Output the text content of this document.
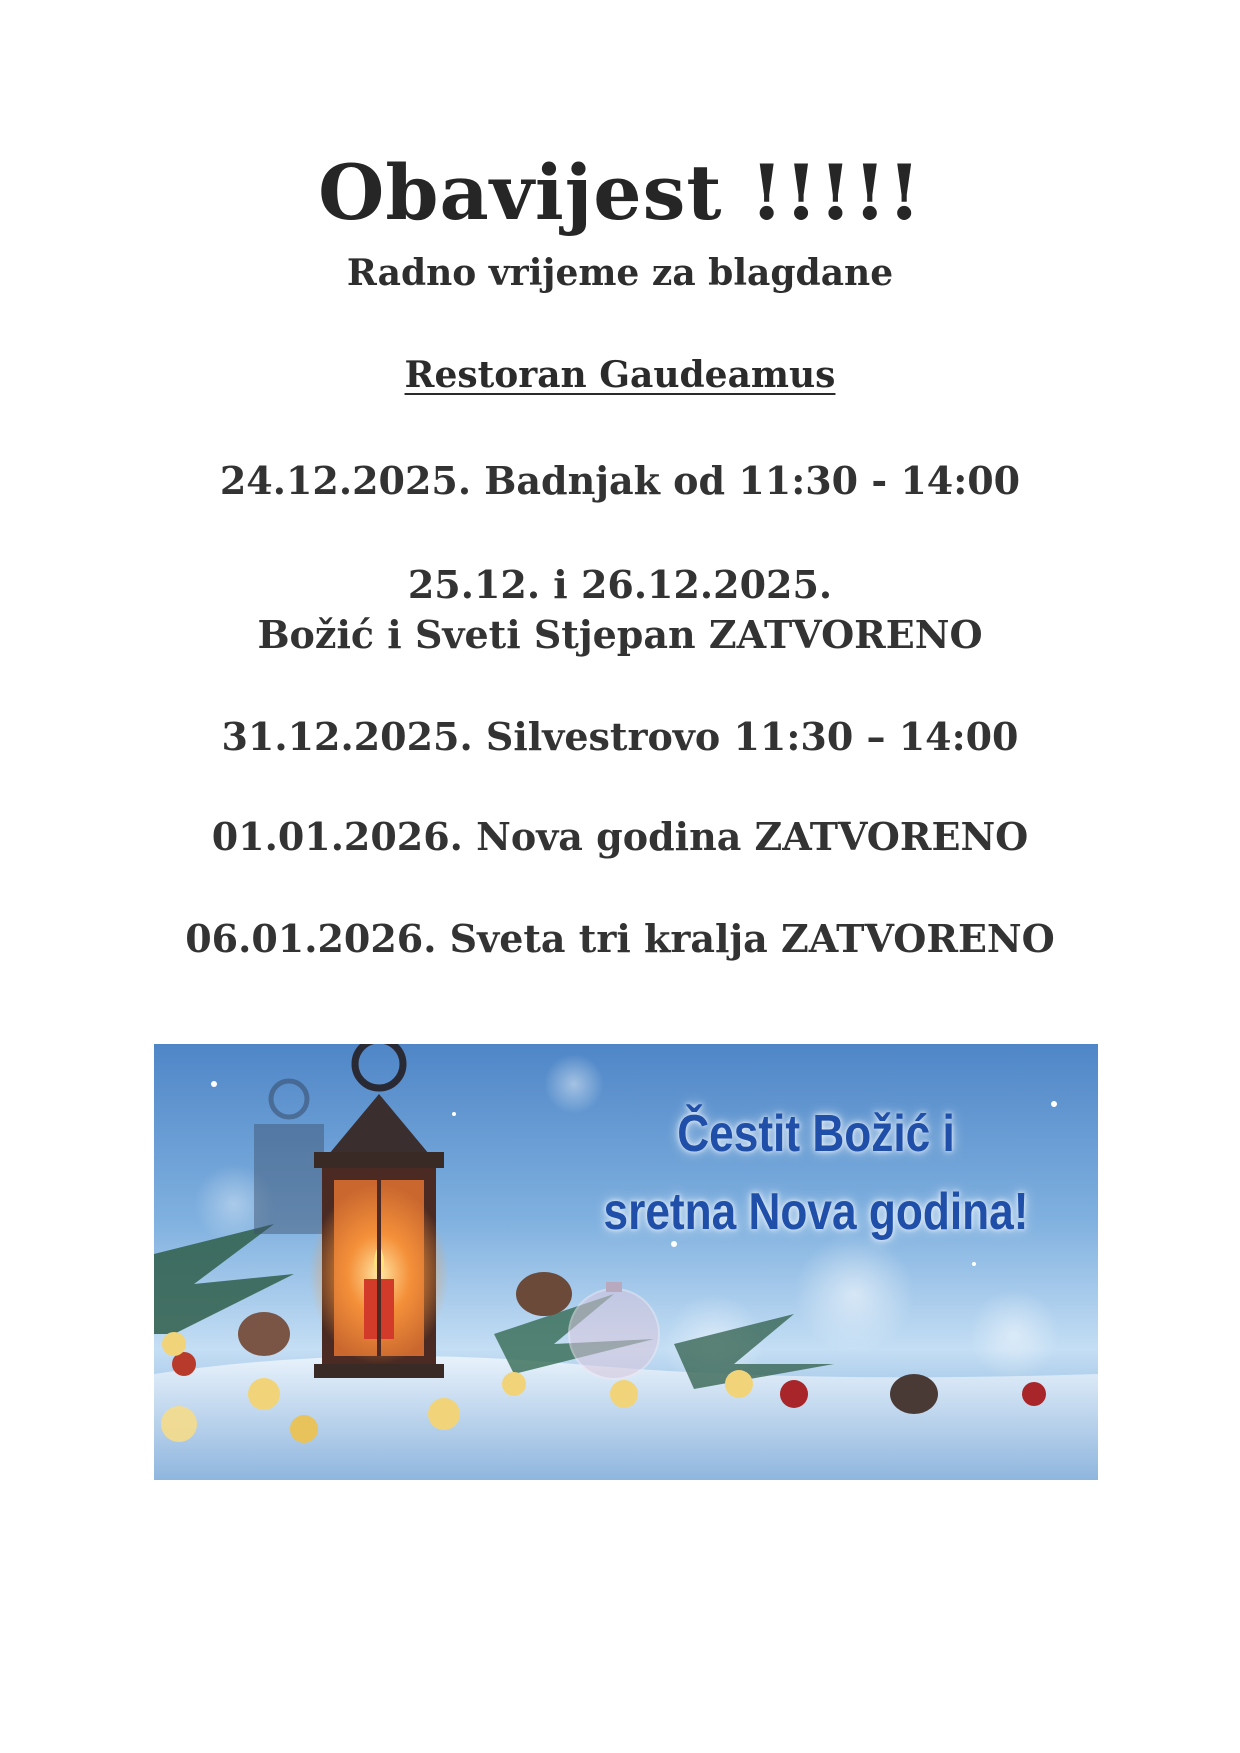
Obavijest !!!!!
Radno vrijeme za blagdane
Restoran Gaudeamus
24.12.2025. Badnjak od 11:30 - 14:00
25.12. i 26.12.2025.
Božić i Sveti Stjepan ZATVORENO
31.12.2025. Silvestrovo 11:30 – 14:00
01.01.2026. Nova godina ZATVORENO
06.01.2026. Sveta tri kralja ZATVORENO
Čestit Božić i
sretna Nova godina!
